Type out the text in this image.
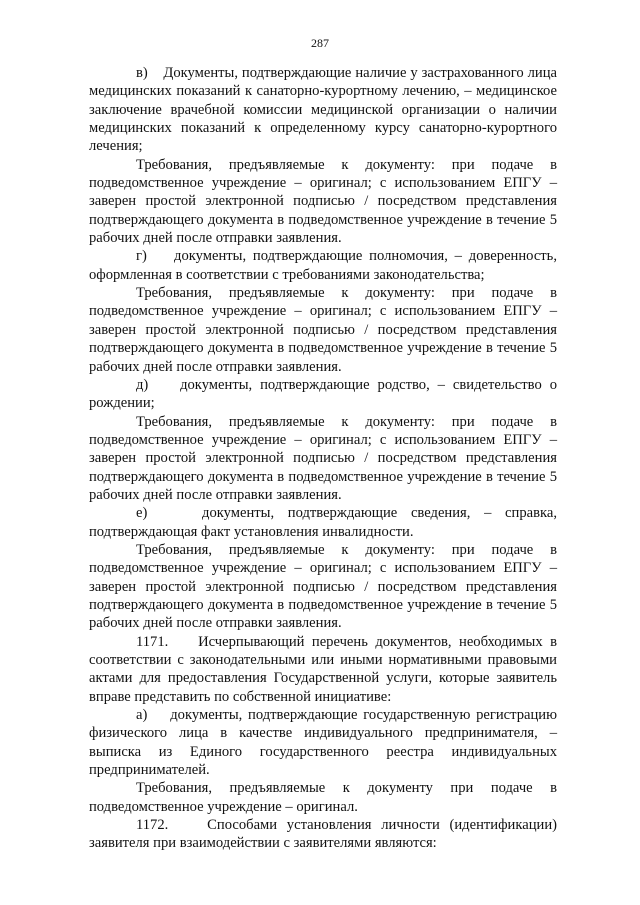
287

в)    Документы, подтверждающие наличие у застрахованного лица медицинских показаний к санаторно-курортному лечению, – медицинское заключение врачебной комиссии медицинской организации о наличии медицинских показаний к определенному курсу санаторно-курортного лечения;

Требования, предъявляемые к документу: при подаче в подведомственное учреждение – оригинал; с использованием ЕПГУ – заверен простой электронной подписью / посредством представления подтверждающего документа в подведомственное учреждение в течение 5 рабочих дней после отправки заявления.

г)    документы, подтверждающие полномочия, – доверенность, оформленная в соответствии с требованиями законодательства;

Требования, предъявляемые к документу: при подаче в подведомственное учреждение – оригинал; с использованием ЕПГУ – заверен простой электронной подписью / посредством представления подтверждающего документа в подведомственное учреждение в течение 5 рабочих дней после отправки заявления.

д)    документы, подтверждающие родство, – свидетельство о рождении;

Требования, предъявляемые к документу: при подаче в подведомственное учреждение – оригинал; с использованием ЕПГУ – заверен простой электронной подписью / посредством представления подтверждающего документа в подведомственное учреждение в течение 5 рабочих дней после отправки заявления.

е)    документы, подтверждающие сведения, – справка, подтверждающая факт установления инвалидности.

Требования, предъявляемые к документу: при подаче в подведомственное учреждение – оригинал; с использованием ЕПГУ – заверен простой электронной подписью / посредством представления подтверждающего документа в подведомственное учреждение в течение 5 рабочих дней после отправки заявления.

1171.    Исчерпывающий перечень документов, необходимых в соответствии с законодательными или иными нормативными правовыми актами для предоставления Государственной услуги, которые заявитель вправе представить по собственной инициативе:

а)    документы, подтверждающие государственную регистрацию физического лица в качестве индивидуального предпринимателя, – выписка из Единого государственного реестра индивидуальных предпринимателей.

Требования, предъявляемые к документу при подаче в подведомственное учреждение – оригинал.

1172.    Способами установления личности (идентификации) заявителя при взаимодействии с заявителями являются:
